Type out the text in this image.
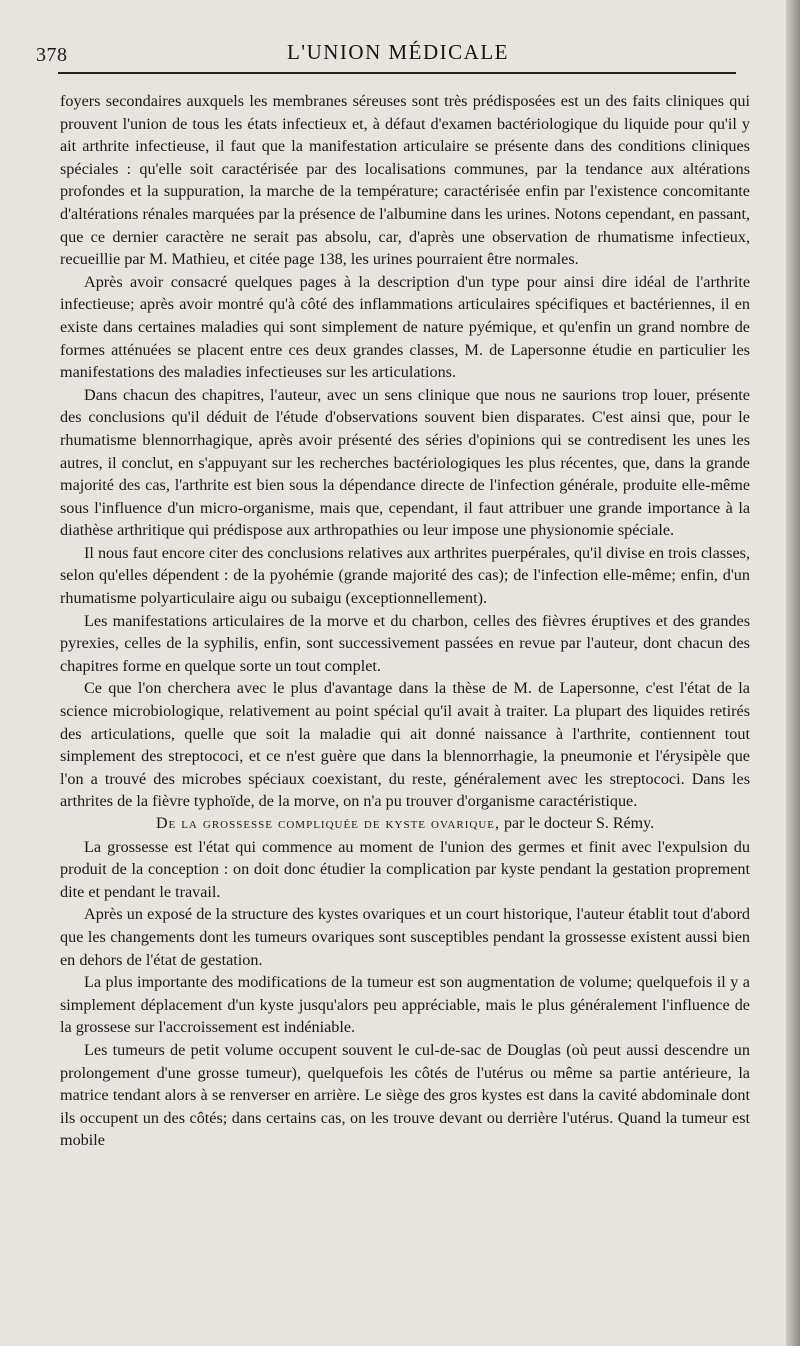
378	L'UNION MÉDICALE

foyers secondaires auxquels les membranes séreuses sont très prédisposées est un des faits cliniques qui prouvent l'union de tous les états infectieux et, à défaut d'examen bactériologique du liquide pour qu'il y ait arthrite infectieuse, il faut que la manifestation articulaire se présente dans des conditions cliniques spéciales : qu'elle soit caractérisée par des localisations communes, par la tendance aux altérations profondes et la suppuration, la marche de la température; caractérisée enfin par l'existence concomitante d'altérations rénales marquées par la présence de l'albumine dans les urines. Notons cependant, en passant, que ce dernier caractère ne serait pas absolu, car, d'après une observation de rhumatisme infectieux, recueillie par M. Mathieu, et citée page 138, les urines pourraient être normales.

Après avoir consacré quelques pages à la description d'un type pour ainsi dire idéal de l'arthrite infectieuse; après avoir montré qu'à côté des inflammations articulaires spécifiques et bactériennes, il en existe dans certaines maladies qui sont simplement de nature pyémique, et qu'enfin un grand nombre de formes atténuées se placent entre ces deux grandes classes, M. de Lapersonne étudie en particulier les manifestations des maladies infectieuses sur les articulations.

Dans chacun des chapitres, l'auteur, avec un sens clinique que nous ne saurions trop louer, présente des conclusions qu'il déduit de l'étude d'observations souvent bien disparates. C'est ainsi que, pour le rhumatisme blennorrhagique, après avoir présenté des séries d'opinions qui se contredisent les unes les autres, il conclut, en s'appuyant sur les recherches bactériologiques les plus récentes, que, dans la grande majorité des cas, l'arthrite est bien sous la dépendance directe de l'infection générale, produite elle-même sous l'influence d'un micro-organisme, mais que, cependant, il faut attribuer une grande importance à la diathèse arthritique qui prédispose aux arthropathies ou leur impose une physionomie spéciale.

Il nous faut encore citer des conclusions relatives aux arthrites puerpérales, qu'il divise en trois classes, selon qu'elles dépendent : de la pyohémie (grande majorité des cas); de l'infection elle-même; enfin, d'un rhumatisme polyarticulaire aigu ou subaigu (exceptionnellement).

Les manifestations articulaires de la morve et du charbon, celles des fièvres éruptives et des grandes pyrexies, celles de la syphilis, enfin, sont successivement passées en revue par l'auteur, dont chacun des chapitres forme en quelque sorte un tout complet.

Ce que l'on cherchera avec le plus d'avantage dans la thèse de M. de Lapersonne, c'est l'état de la science microbiologique, relativement au point spécial qu'il avait à traiter. La plupart des liquides retirés des articulations, quelle que soit la maladie qui ait donné naissance à l'arthrite, contiennent tout simplement des streptococi, et ce n'est guère que dans la blennorrhagie, la pneumonie et l'érysipèle que l'on a trouvé des microbes spéciaux coexistant, du reste, généralement avec les streptococi. Dans les arthrites de la fièvre typhoïde, de la morve, on n'a pu trouver d'organisme caractéristique.

De la grossesse compliquée de kyste ovarique, par le docteur S. Rémy.

La grossesse est l'état qui commence au moment de l'union des germes et finit avec l'expulsion du produit de la conception : on doit donc étudier la complication par kyste pendant la gestation proprement dite et pendant le travail.

Après un exposé de la structure des kystes ovariques et un court historique, l'auteur établit tout d'abord que les changements dont les tumeurs ovariques sont susceptibles pendant la grossesse existent aussi bien en dehors de l'état de gestation.

La plus importante des modifications de la tumeur est son augmentation de volume; quelquefois il y a simplement déplacement d'un kyste jusqu'alors peu appréciable, mais le plus généralement l'influence de la grossese sur l'accroissement est indéniable.

Les tumeurs de petit volume occupent souvent le cul-de-sac de Douglas (où peut aussi descendre un prolongement d'une grosse tumeur), quelquefois les côtés de l'utérus ou même sa partie antérieure, la matrice tendant alors à se renverser en arrière. Le siège des gros kystes est dans la cavité abdominale dont ils occupent un des côtés; dans certains cas, on les trouve devant ou derrière l'utérus. Quand la tumeur est mobile
